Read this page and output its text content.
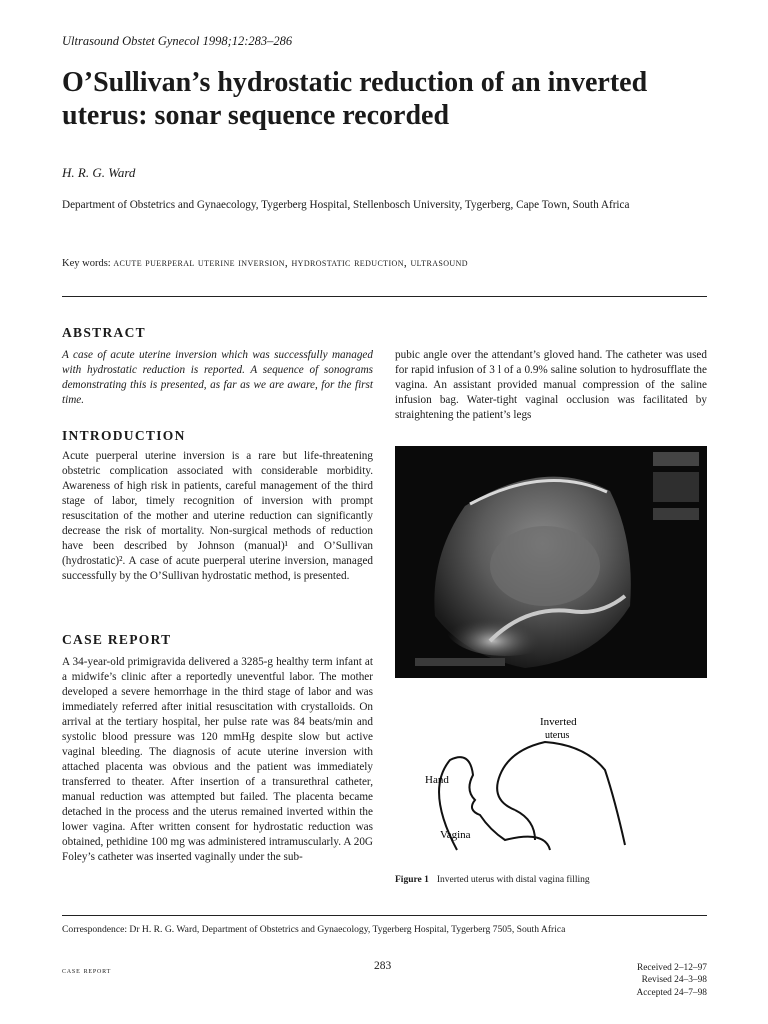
Ultrasound Obstet Gynecol 1998;12:283–286
O’Sullivan’s hydrostatic reduction of an inverted uterus: sonar sequence recorded
H. R. G. Ward
Department of Obstetrics and Gynaecology, Tygerberg Hospital, Stellenbosch University, Tygerberg, Cape Town, South Africa
Key words: acute puerperal uterine inversion, hydrostatic reduction, ultrasound
ABSTRACT
A case of acute uterine inversion which was successfully managed with hydrostatic reduction is reported. A sequence of sonograms demonstrating this is presented, as far as we are aware, for the first time.
INTRODUCTION
Acute puerperal uterine inversion is a rare but life-threatening obstetric complication associated with considerable morbidity. Awareness of high risk in patients, careful management of the third stage of labor, timely recognition of inversion with prompt resuscitation of the mother and uterine reduction can significantly decrease the risk of mortality. Non-surgical methods of reduction have been described by Johnson (manual)¹ and O’Sullivan (hydrostatic)². A case of acute puerperal uterine inversion, managed successfully by the O’Sullivan hydrostatic method, is presented.
CASE REPORT
A 34-year-old primigravida delivered a 3285-g healthy term infant at a midwife’s clinic after a reportedly uneventful labor. The mother developed a severe hemorrhage in the third stage of labor and was immediately referred after initial resuscitation with crystalloids. On arrival at the tertiary hospital, her pulse rate was 84 beats/min and systolic blood pressure was 120 mmHg despite slow but active vaginal bleeding. The diagnosis of acute uterine inversion with attached placenta was obvious and the patient was immediately transferred to theater. After insertion of a transurethral catheter, manual reduction was attempted but failed. The placenta became detached in the process and the uterus remained inverted within the lower vagina. After written consent for hydrostatic reduction was obtained, pethidine 100 mg was administered intramuscularly. A 20G Foley’s catheter was inserted vaginally under the sub-
pubic angle over the attendant’s gloved hand. The catheter was used for rapid infusion of 3 l of a 0.9% saline solution to hydrosufflate the vagina. An assistant provided manual compression of the saline infusion bag. Water-tight vaginal occlusion was facilitated by straightening the patient’s legs
Inverted
uterus
Hand
Vagina
Figure 1 Inverted uterus with distal vagina filling
Correspondence: Dr H. R. G. Ward, Department of Obstetrics and Gynaecology, Tygerberg Hospital, Tygerberg 7505, South Africa
case report	283	Received 2–12–97
Revised 24–3–98
Accepted 24–7–98
